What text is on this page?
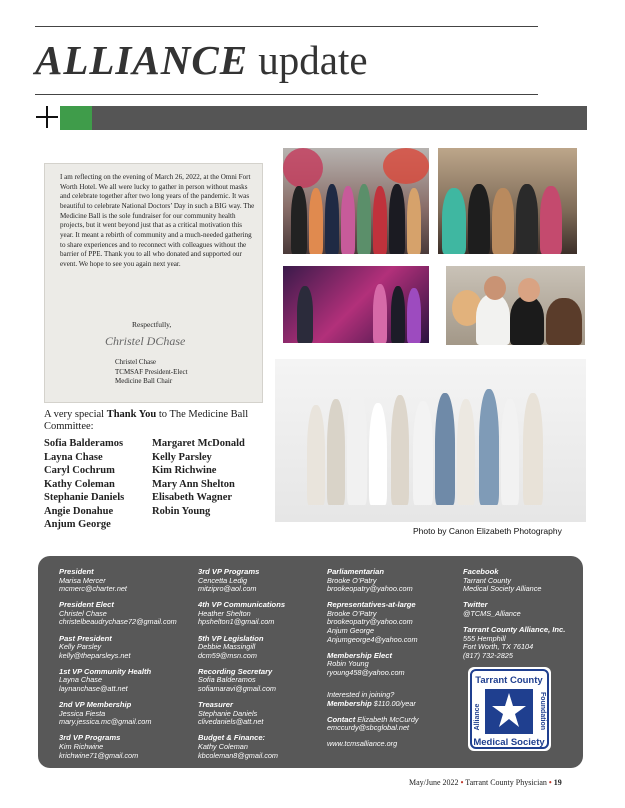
ALLIANCE update
I am reflecting on the evening of March 26, 2022, at the Omni Fort Worth Hotel. We all were lucky to gather in person without masks and celebrate together after two long years of the pandemic. It was beautiful to celebrate National Doctors’ Day in such a BIG way. The Medicine Ball is the sole fundraiser for our community health projects, but it went beyond just that as a critical motivation this year. It meant a rebirth of community and a much-needed gathering to share experiences and to reconnect with colleagues without the barrier of PPE. Thank you to all who donated and supported our event. We hope to see you again next year.
Respectfully,
Christel DChase
Christel Chase
TCMSAF President-Elect
Medicine Ball Chair
A very special Thank You to The Medicine Ball Committee:
Sofia Balderamos
Layna Chase
Caryl Cochrum
Kathy Coleman
Stephanie Daniels
Angie Donahue
Anjum George
Margaret McDonald
Kelly Parsley
Kim Richwine
Mary Ann Shelton
Elisabeth Wagner
Robin Young
Photo by Canon Elizabeth Photography
President
Marisa Mercer
mcmerc@charter.net
President Elect
Christel Chase
christelbeaudrychase72@gmail.com
Past President
Kelly Parsley
kelly@theparsleys.net
1st VP Community Health
Layna Chase
laynanchase@att.net
2nd VP Membership
Jessica Fiesta
mary.jessica.mc@gmail.com
3rd VP Programs
Kim Richwine
krichwine71@gmail.com
3rd VP Programs
Cencetta Ledig
mitzipro@aol.com
4th VP Communications
Heather Shelton
hpshelton1@gmail.com
5th VP Legislation
Debbie Massingill
dcm59@msn.com
Recording Secretary
Sofia Balderamos
sofiamaravi@gmail.com
Treasurer
Stephanie Daniels
clivedaniels@att.net
Budget & Finance:
Kathy Coleman
kbcoleman8@gmail.com
Parliamentarian
Brooke O’Patry
brookeopatry@yahoo.com
Representatives-at-large
Brooke O’Patry
brookeopatry@yahoo.com
Anjum George
Anjumgeorge4@yahoo.com
Membership Elect
Robin Young
ryoung458@yahoo.com
Interested in joining?
Membership $110.00/year
Contact Elizabeth McCurdy
emccurdy@sbcglobal.net
www.tcmsalliance.org
Facebook
Tarrant County
Medical Society Alliance
Twitter
@TCMS_Alliance
Tarrant County Alliance, Inc.
555 Hemphill
Fort Worth, TX 76104
(817) 732-2825
Tarrant County
Medical Society
Alliance	Foundation
May/June 2022 • Tarrant County Physician • 19
